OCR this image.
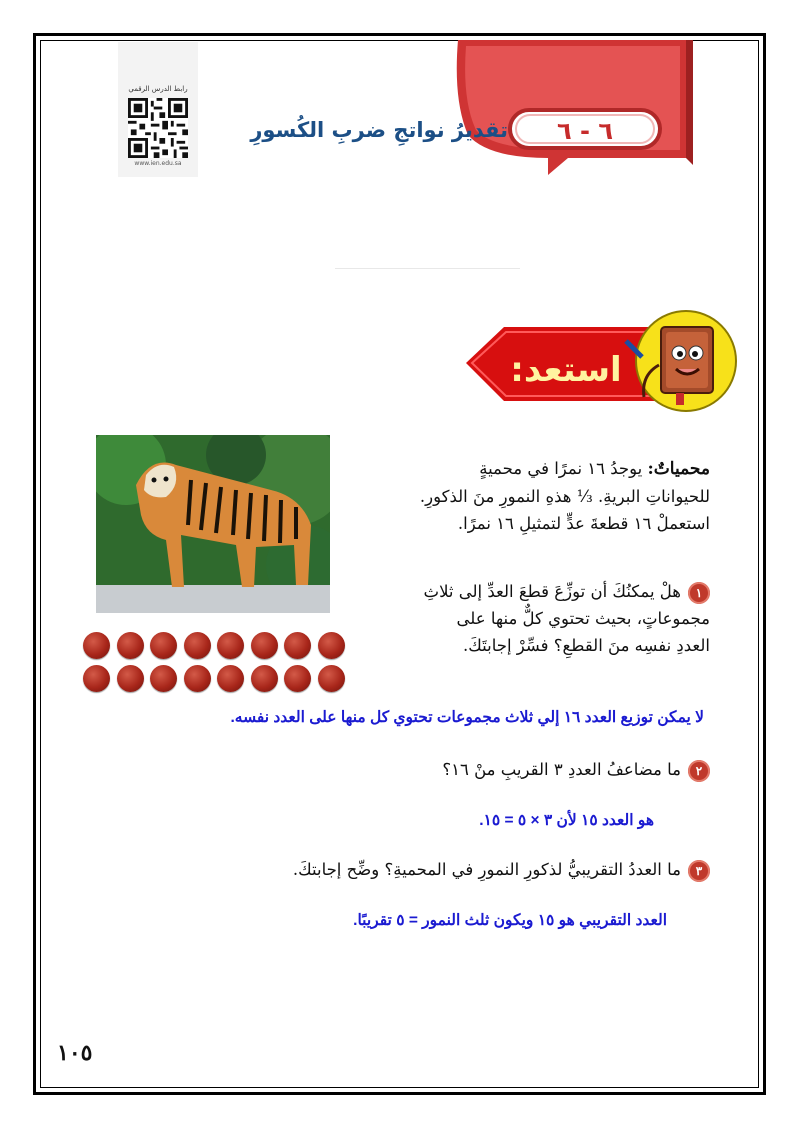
رابط الدرس الرقمي
www.ien.edu.sa
٦ - ٦
تقديرُ نواتجِ ضربِ الكُسورِ
استعد:
محمياتٌ: يوجدُ ١٦ نمرًا في محميةٍ
للحيواناتِ البريةِ. ⅓ هذهِ النمورِ منَ الذكورِ.
استعملْ ١٦ قطعةَ عدٍّ لتمثيلِ ١٦ نمرًا.
١هلْ يمكنُكَ أن توزِّعَ قطعَ العدِّ إلى ثلاثِ
مجموعاتٍ، بحيث تحتوي كلٌّ منها على
العددِ نفسِه منَ القطعِ؟ فسِّرْ إجابتَكَ.
لا يمكن توزيع العدد ١٦ إلي ثلاث مجموعات تحتوي كل منها على العدد نفسه.
٢ما مضاعفُ العددِ ٣ القريبِ منْ ١٦؟
هو العدد ١٥ لأن ٣ × ٥ = ١٥.
٣ما العددُ التقريبيُّ لذكورِ النمورِ في المحميةِ؟ وضِّح إجابتكَ.
العدد التقريبي هو ١٥ ويكون ثلث النمور = ٥ تقريبًا.
١٠٥
